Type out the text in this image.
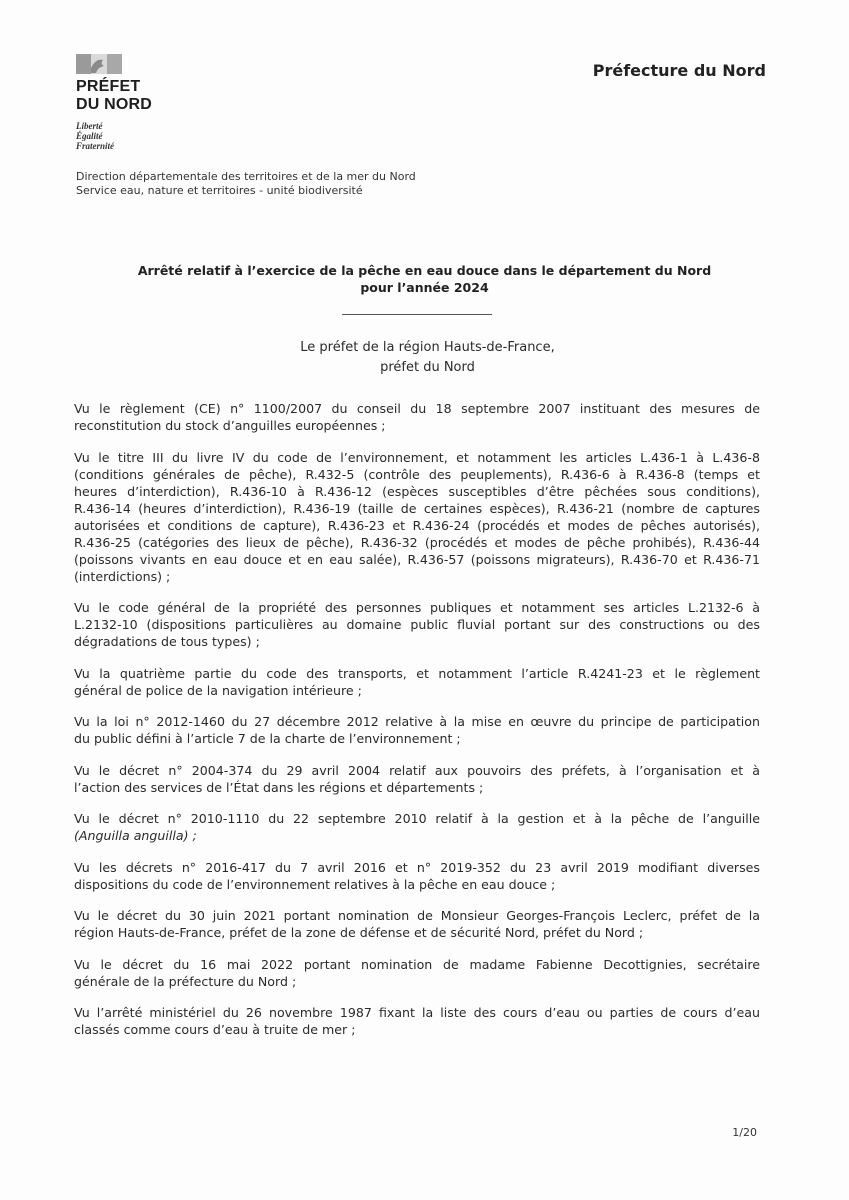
PRÉFET
DU NORD
Liberté
Égalité
Fraternité
Préfecture du Nord
Direction départementale des territoires et de la mer du Nord
Service eau, nature et territoires - unité biodiversité
Arrêté relatif à l’exercice de la pêche en eau douce dans le département du Nord
pour l’année 2024
Le préfet de la région Hauts-de-France,
préfet du Nord
Vu le règlement (CE) n° 1100/2007 du conseil du 18 septembre 2007 instituant des mesures de
reconstitution du stock d’anguilles européennes ;
Vu le titre III du livre IV du code de l’environnement, et notamment les articles L.436-1 à L.436-8
(conditions générales de pêche), R.432-5 (contrôle des peuplements), R.436-6 à R.436-8 (temps et
heures d’interdiction), R.436-10 à R.436-12 (espèces susceptibles d’être pêchées sous conditions),
R.436-14 (heures d’interdiction), R.436-19 (taille de certaines espèces), R.436-21 (nombre de captures
autorisées et conditions de capture), R.436-23 et R.436-24 (procédés et modes de pêches autorisés),
R.436-25 (catégories des lieux de pêche), R.436-32 (procédés et modes de pêche prohibés), R.436-44
(poissons vivants en eau douce et en eau salée), R.436-57 (poissons migrateurs), R.436-70 et R.436-71
(interdictions) ;
Vu le code général de la propriété des personnes publiques et notamment ses articles L.2132-6 à
L.2132-10 (dispositions particulières au domaine public fluvial portant sur des constructions ou des
dégradations de tous types) ;
Vu la quatrième partie du code des transports, et notamment l’article R.4241-23 et le règlement
général de police de la navigation intérieure ;
Vu la loi n° 2012-1460 du 27 décembre 2012 relative à la mise en œuvre du principe de participation
du public défini à l’article 7 de la charte de l’environnement ;
Vu le décret n° 2004-374 du 29 avril 2004 relatif aux pouvoirs des préfets, à l’organisation et à
l’action des services de l’État dans les régions et départements ;
Vu le décret n° 2010-1110 du 22 septembre 2010 relatif à la gestion et à la pêche de l’anguille
(Anguilla anguilla) ;
Vu les décrets n° 2016-417 du 7 avril 2016 et n° 2019-352 du 23 avril 2019 modifiant diverses
dispositions du code de l’environnement relatives à la pêche en eau douce ;
Vu le décret du 30 juin 2021 portant nomination de Monsieur Georges-François Leclerc, préfet de la
région Hauts-de-France, préfet de la zone de défense et de sécurité Nord, préfet du Nord ;
Vu le décret du 16 mai 2022 portant nomination de madame Fabienne Decottignies, secrétaire
générale de la préfecture du Nord ;
Vu l’arrêté ministériel du 26 novembre 1987 fixant la liste des cours d’eau ou parties de cours d’eau
classés comme cours d’eau à truite de mer ;
1/20
